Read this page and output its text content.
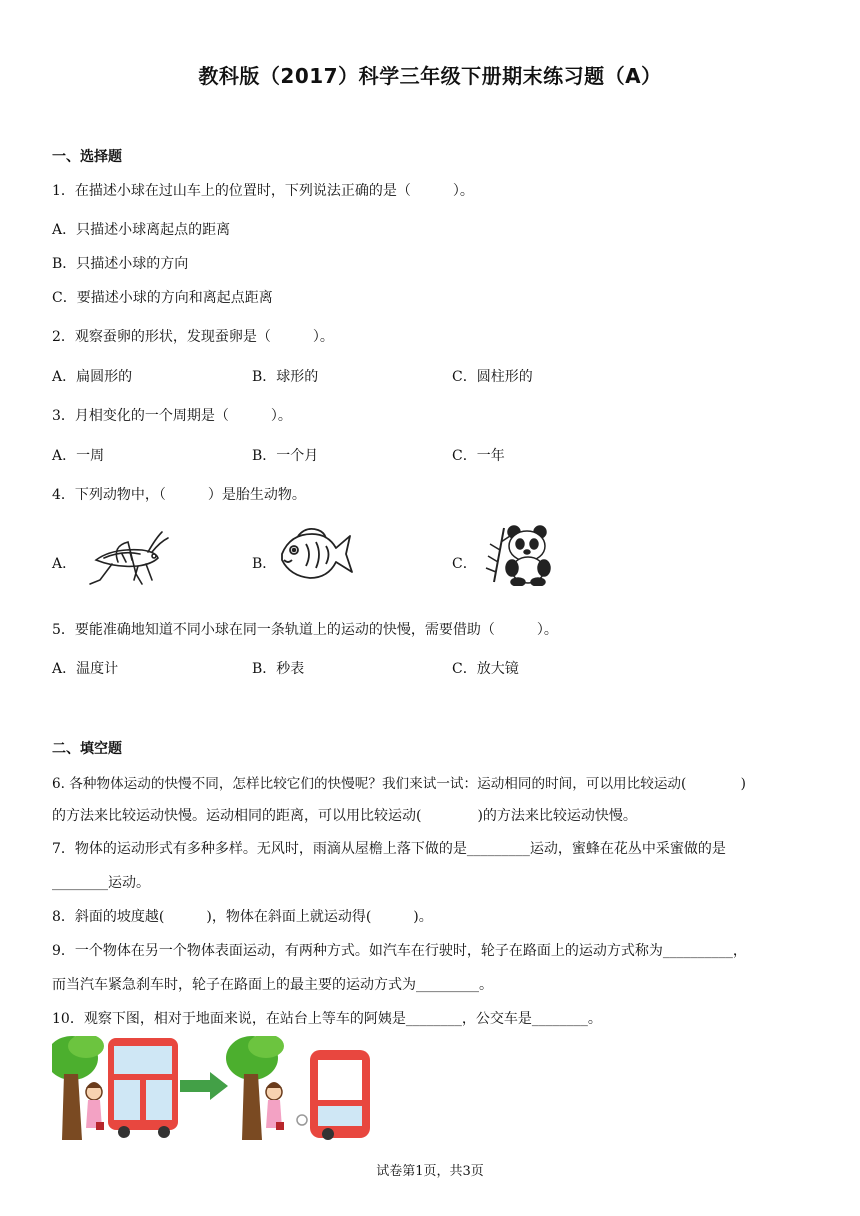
教科版（2017）科学三年级下册期末练习题（A）
一、选择题
1．在描述小球在过山车上的位置时，下列说法正确的是（　　　）。
A．只描述小球离起点的距离
B．只描述小球的方向
C．要描述小球的方向和离起点距离
2．观察蚕卵的形状，发现蚕卵是（　　　）。
A．扁圆形的	B．球形的	C．圆柱形的
3．月相变化的一个周期是（　　　）。
A．一周	B．一个月	C．一年
4．下列动物中，（　　　）是胎生动物。
A．	B．	C．
5．要能准确地知道不同小球在同一条轨道上的运动的快慢，需要借助（　　　）。
A．温度计	B．秒表	C．放大镜
二、填空题
6. 各种物体运动的快慢不同，怎样比较它们的快慢呢？我们来试一试：运动相同的时间，可以用比较运动(　　　　)
的方法来比较运动快慢。运动相同的距离，可以用比较运动(　　　　)的方法来比较运动快慢。
7．物体的运动形式有多种多样。无风时，雨滴从屋檐上落下做的是_________运动，蜜蜂在花丛中采蜜做的是
________运动。
8．斜面的坡度越(　　　)，物体在斜面上就运动得(　　　)。
9．一个物体在另一个物体表面运动，有两种方式。如汽车在行驶时，轮子在路面上的运动方式称为__________，
而当汽车紧急刹车时，轮子在路面上的最主要的运动方式为_________。
10．观察下图，相对于地面来说，在站台上等车的阿姨是________，公交车是________。
试卷第1页，共3页
